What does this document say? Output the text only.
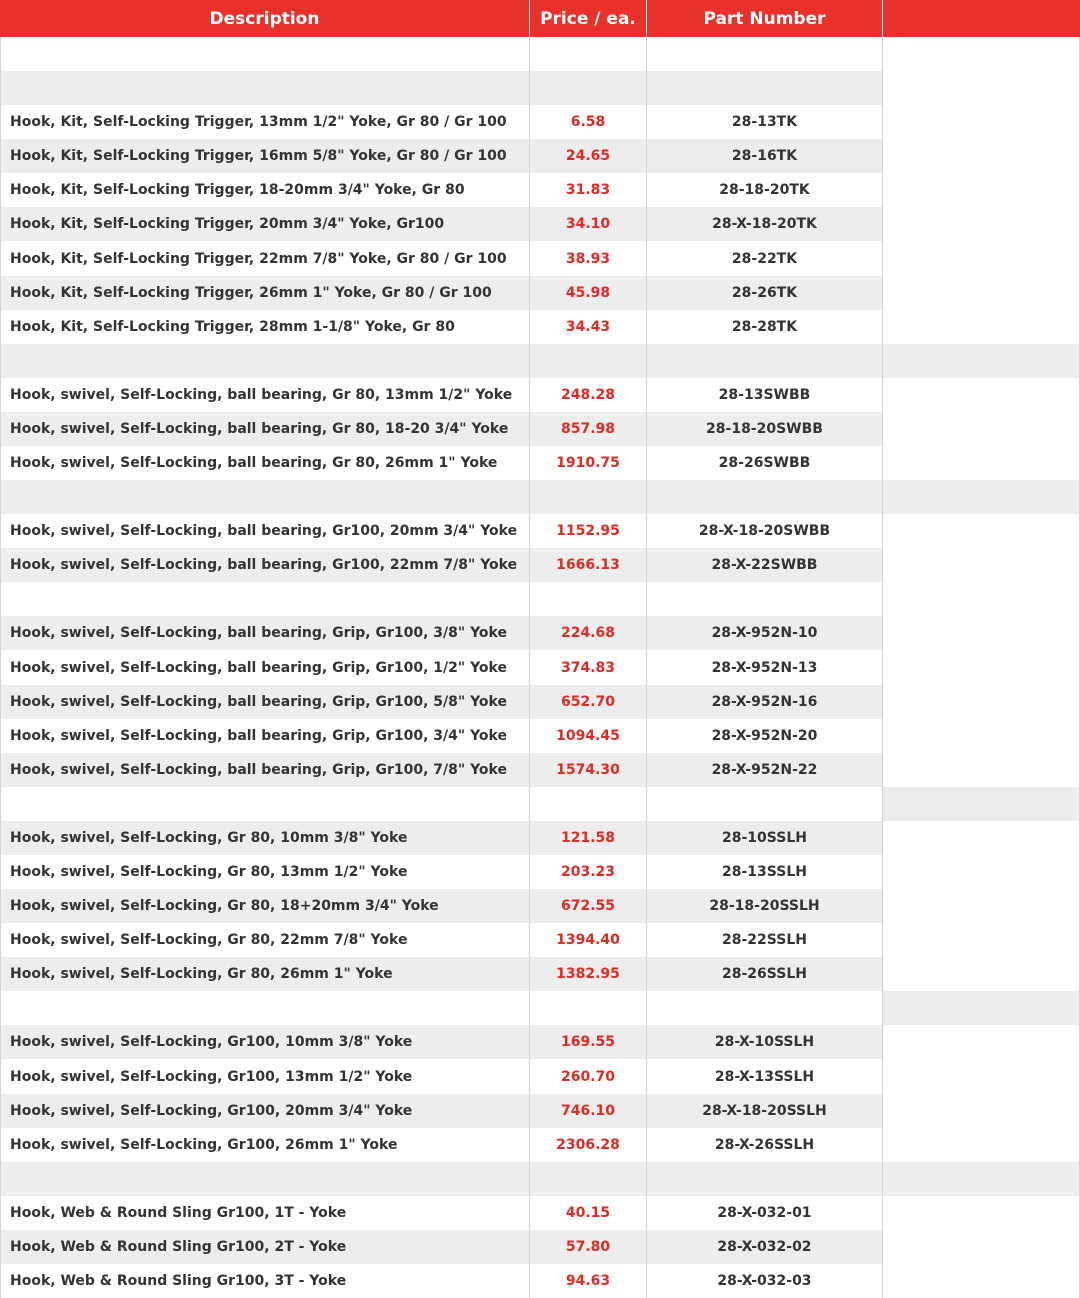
Description	Price / ea.	Part Number
Hook, Kit, Self-Locking Trigger, 13mm 1/2" Yoke, Gr 80 / Gr 100	6.58	28-13TK
Hook, Kit, Self-Locking Trigger, 16mm 5/8" Yoke, Gr 80 / Gr 100	24.65	28-16TK
Hook, Kit, Self-Locking Trigger, 18-20mm 3/4" Yoke, Gr 80	31.83	28-18-20TK
Hook, Kit, Self-Locking Trigger, 20mm 3/4" Yoke, Gr100	34.10	28-X-18-20TK
Hook, Kit, Self-Locking Trigger, 22mm 7/8" Yoke, Gr 80 / Gr 100	38.93	28-22TK
Hook, Kit, Self-Locking Trigger, 26mm 1" Yoke, Gr 80 / Gr 100	45.98	28-26TK
Hook, Kit, Self-Locking Trigger, 28mm 1-1/8" Yoke, Gr 80	34.43	28-28TK
Hook, swivel, Self-Locking, ball bearing, Gr 80, 13mm 1/2" Yoke	248.28	28-13SWBB
Hook, swivel, Self-Locking, ball bearing, Gr 80, 18-20 3/4" Yoke	857.98	28-18-20SWBB
Hook, swivel, Self-Locking, ball bearing, Gr 80, 26mm 1" Yoke	1910.75	28-26SWBB
Hook, swivel, Self-Locking, ball bearing, Gr100, 20mm 3/4" Yoke	1152.95	28-X-18-20SWBB
Hook, swivel, Self-Locking, ball bearing, Gr100, 22mm 7/8" Yoke	1666.13	28-X-22SWBB
Hook, swivel, Self-Locking, ball bearing, Grip, Gr100, 3/8" Yoke	224.68	28-X-952N-10
Hook, swivel, Self-Locking, ball bearing, Grip, Gr100, 1/2" Yoke	374.83	28-X-952N-13
Hook, swivel, Self-Locking, ball bearing, Grip, Gr100, 5/8" Yoke	652.70	28-X-952N-16
Hook, swivel, Self-Locking, ball bearing, Grip, Gr100, 3/4" Yoke	1094.45	28-X-952N-20
Hook, swivel, Self-Locking, ball bearing, Grip, Gr100, 7/8" Yoke	1574.30	28-X-952N-22
Hook, swivel, Self-Locking, Gr 80, 10mm 3/8" Yoke	121.58	28-10SSLH
Hook, swivel, Self-Locking, Gr 80, 13mm 1/2" Yoke	203.23	28-13SSLH
Hook, swivel, Self-Locking, Gr 80, 18+20mm 3/4" Yoke	672.55	28-18-20SSLH
Hook, swivel, Self-Locking, Gr 80, 22mm 7/8" Yoke	1394.40	28-22SSLH
Hook, swivel, Self-Locking, Gr 80, 26mm 1" Yoke	1382.95	28-26SSLH
Hook, swivel, Self-Locking, Gr100, 10mm 3/8" Yoke	169.55	28-X-10SSLH
Hook, swivel, Self-Locking, Gr100, 13mm 1/2" Yoke	260.70	28-X-13SSLH
Hook, swivel, Self-Locking, Gr100, 20mm 3/4" Yoke	746.10	28-X-18-20SSLH
Hook, swivel, Self-Locking, Gr100, 26mm 1" Yoke	2306.28	28-X-26SSLH
Hook, Web & Round Sling Gr100, 1T - Yoke	40.15	28-X-032-01
Hook, Web & Round Sling Gr100, 2T - Yoke	57.80	28-X-032-02
Hook, Web & Round Sling Gr100, 3T - Yoke	94.63	28-X-032-03
